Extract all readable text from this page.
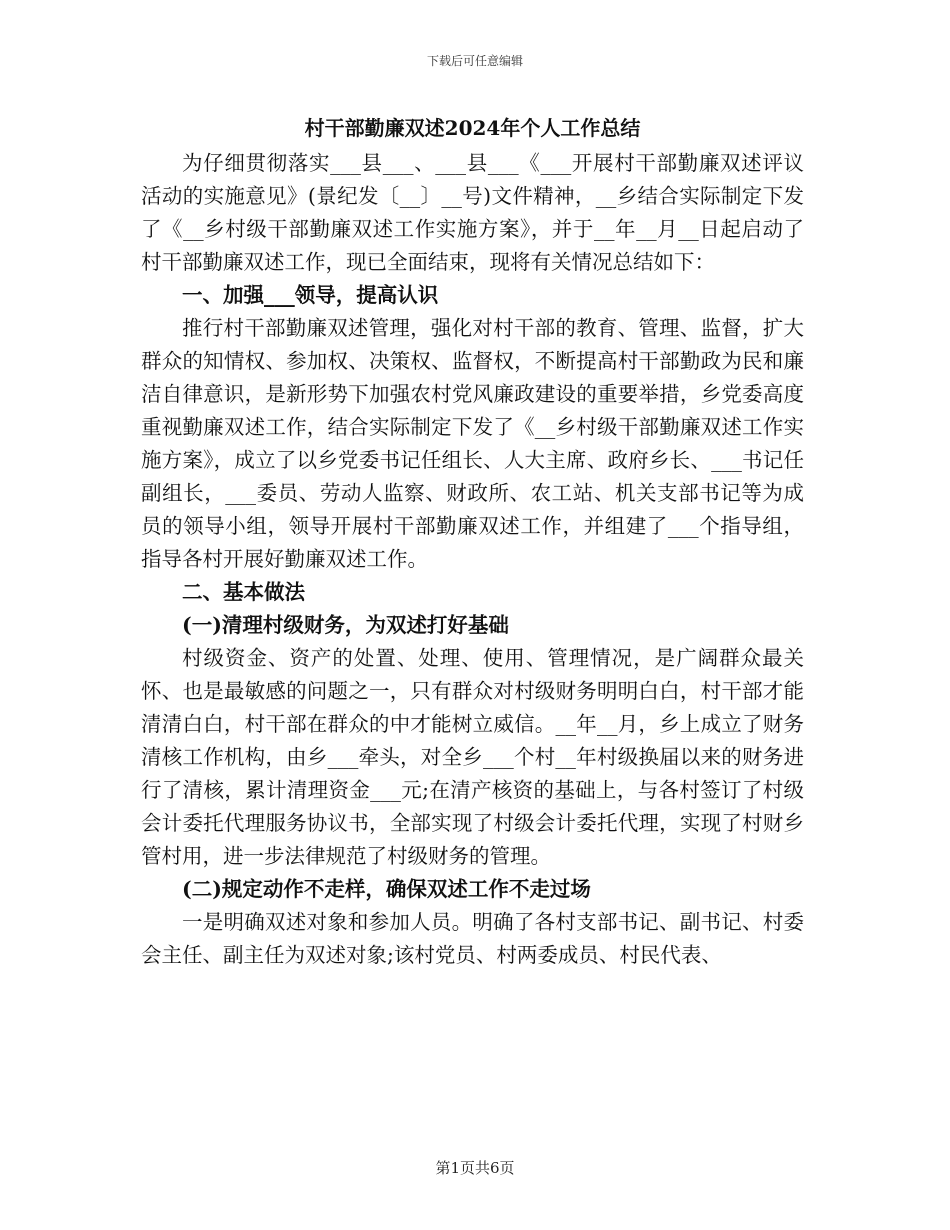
下载后可任意编辑

村干部勤廉双述2024年个人工作总结

为仔细贯彻落实___县___、___县___《___开展村干部勤廉双述评议活动的实施意见》(景纪发〔__〕__号)文件精神，__乡结合实际制定下发了《__乡村级干部勤廉双述工作实施方案》，并于__年__月__日起启动了村干部勤廉双述工作，现已全面结束，现将有关情况总结如下：

一、加强___领导，提高认识

推行村干部勤廉双述管理，强化对村干部的教育、管理、监督，扩大群众的知情权、参加权、决策权、监督权，不断提高村干部勤政为民和廉洁自律意识，是新形势下加强农村党风廉政建设的重要举措，乡党委高度重视勤廉双述工作，结合实际制定下发了《__乡村级干部勤廉双述工作实施方案》，成立了以乡党委书记任组长、人大主席、政府乡长、___书记任副组长，___委员、劳动人监察、财政所、农工站、机关支部书记等为成员的领导小组，领导开展村干部勤廉双述工作，并组建了___个指导组，指导各村开展好勤廉双述工作。

二、基本做法

(一)清理村级财务，为双述打好基础

村级资金、资产的处置、处理、使用、管理情况，是广阔群众最关怀、也是最敏感的问题之一，只有群众对村级财务明明白白，村干部才能清清白白，村干部在群众的中才能树立威信。__年__月，乡上成立了财务清核工作机构，由乡___牵头，对全乡___个村__年村级换届以来的财务进行了清核，累计清理资金___元;在清产核资的基础上，与各村签订了村级会计委托代理服务协议书，全部实现了村级会计委托代理，实现了村财乡管村用，进一步法律规范了村级财务的管理。

(二)规定动作不走样，确保双述工作不走过场

一是明确双述对象和参加人员。明确了各村支部书记、副书记、村委会主任、副主任为双述对象;该村党员、村两委成员、村民代表、

第1页共6页
